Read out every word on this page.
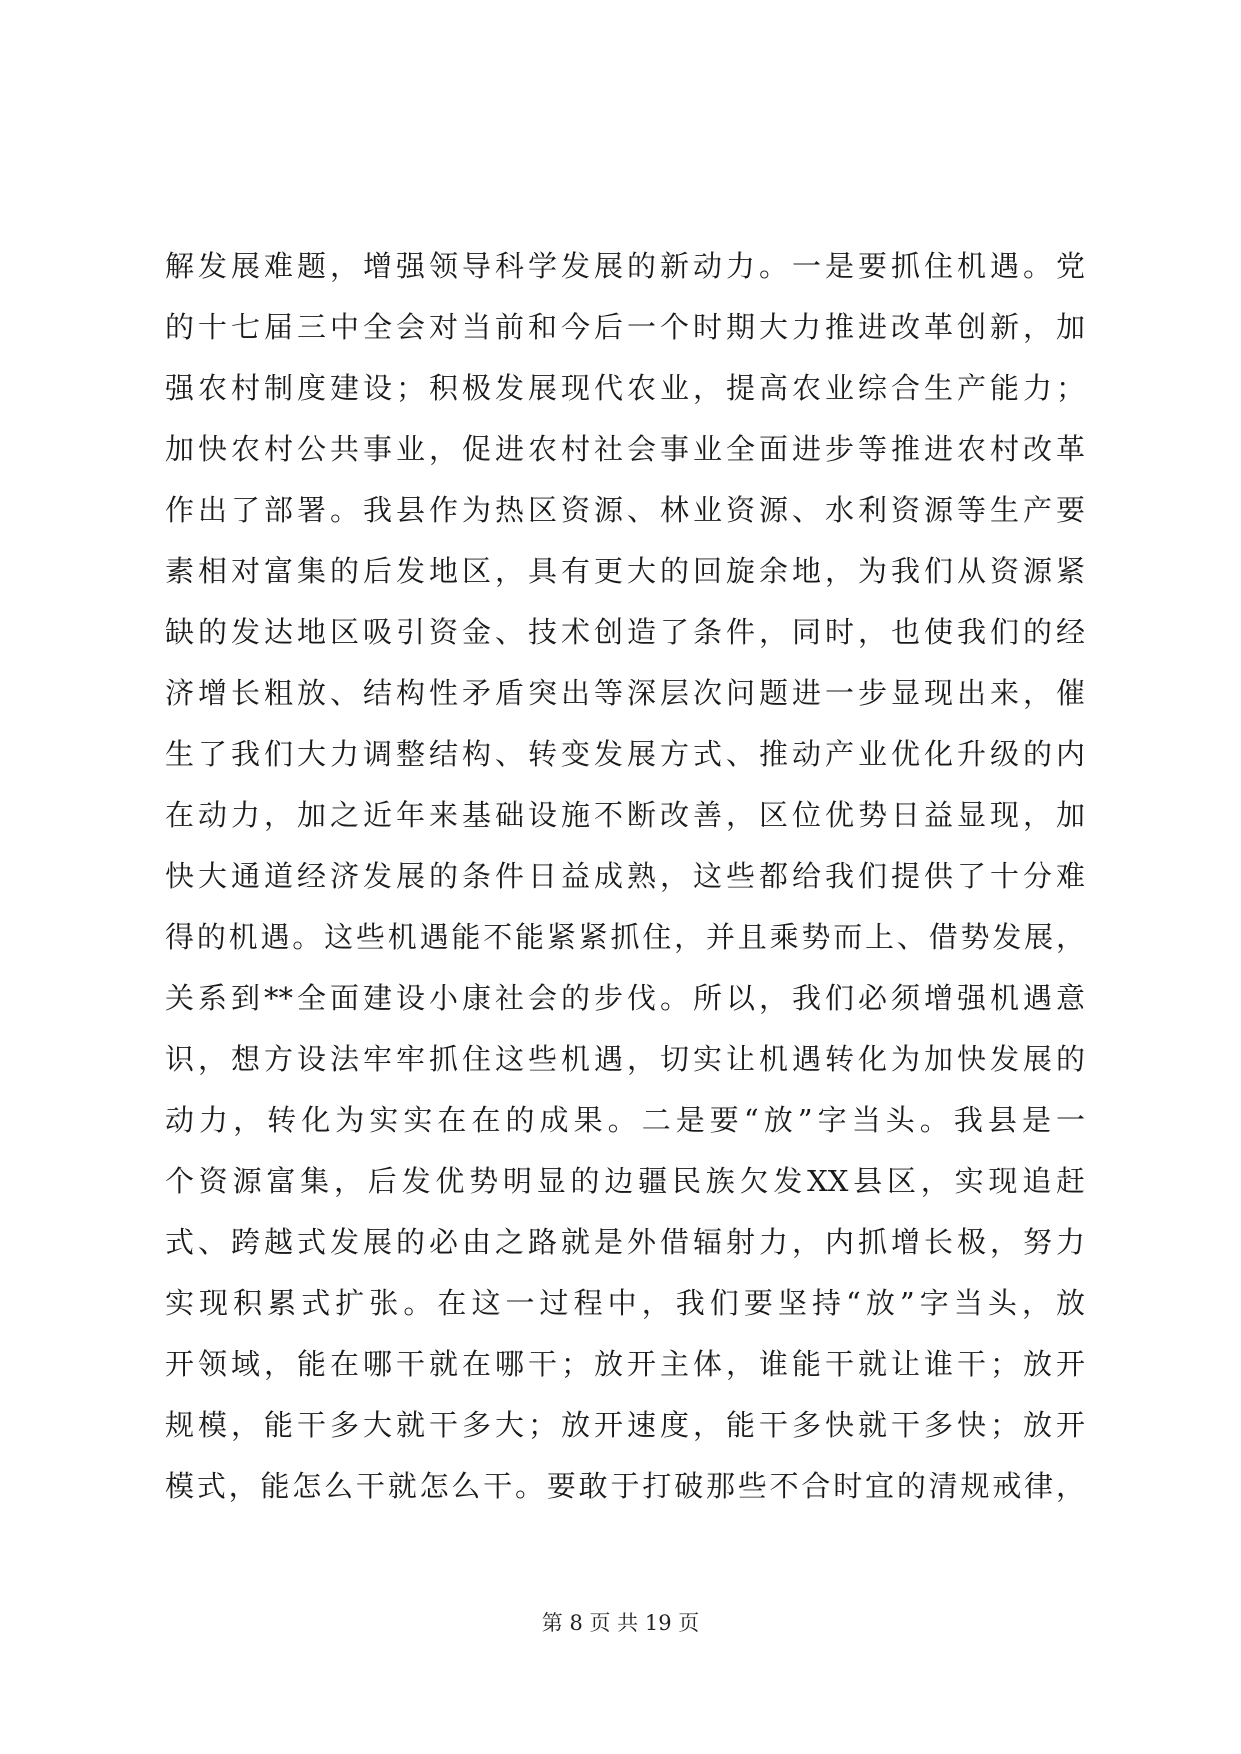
解发展难题，增强领导科学发展的新动力。一是要抓住机遇。党
的十七届三中全会对当前和今后一个时期大力推进改革创新，加
强农村制度建设；积极发展现代农业，提高农业综合生产能力；
加快农村公共事业，促进农村社会事业全面进步等推进农村改革
作出了部署。我县作为热区资源、林业资源、水利资源等生产要
素相对富集的后发地区，具有更大的回旋余地，为我们从资源紧
缺的发达地区吸引资金、技术创造了条件，同时，也使我们的经
济增长粗放、结构性矛盾突出等深层次问题进一步显现出来，催
生了我们大力调整结构、转变发展方式、推动产业优化升级的内
在动力，加之近年来基础设施不断改善，区位优势日益显现，加
快大通道经济发展的条件日益成熟，这些都给我们提供了十分难
得的机遇。这些机遇能不能紧紧抓住，并且乘势而上、借势发展，
关系到**全面建设小康社会的步伐。所以，我们必须增强机遇意
识，想方设法牢牢抓住这些机遇，切实让机遇转化为加快发展的
动力，转化为实实在在的成果。二是要“放”字当头。我县是一
个资源富集，后发优势明显的边疆民族欠发XX县区，实现追赶
式、跨越式发展的必由之路就是外借辐射力，内抓增长极，努力
实现积累式扩张。在这一过程中，我们要坚持“放”字当头，放
开领域，能在哪干就在哪干；放开主体，谁能干就让谁干；放开
规模，能干多大就干多大；放开速度，能干多快就干多快；放开
模式，能怎么干就怎么干。要敢于打破那些不合时宜的清规戒律，
第 8 页 共 19 页
